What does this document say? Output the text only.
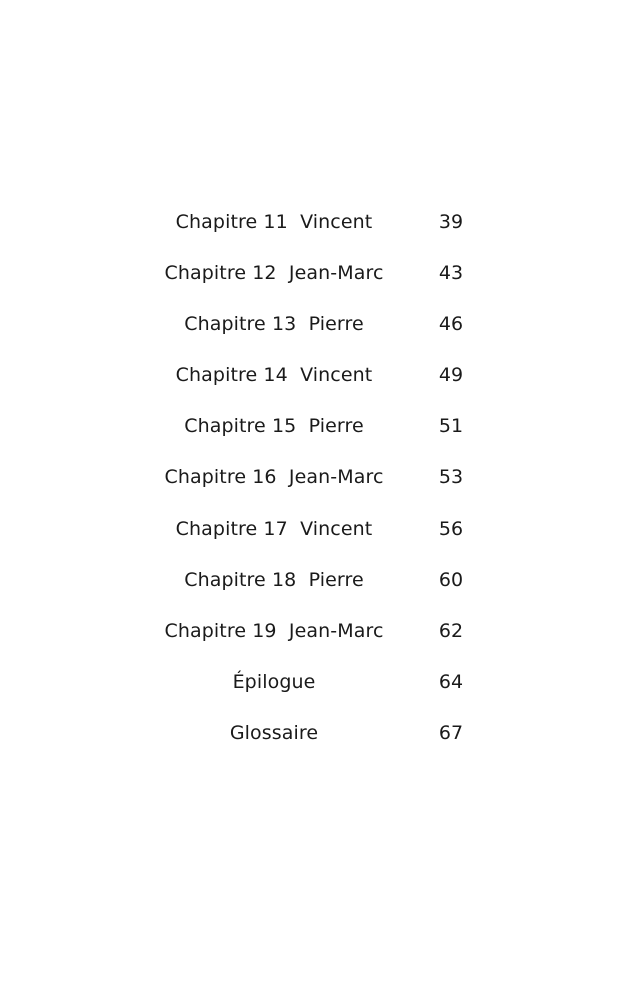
Chapitre 11  Vincent	39
Chapitre 12  Jean-Marc	43
Chapitre 13  Pierre	46
Chapitre 14  Vincent	49
Chapitre 15  Pierre	51
Chapitre 16  Jean-Marc	53
Chapitre 17  Vincent	56
Chapitre 18  Pierre	60
Chapitre 19  Jean-Marc	62
Épilogue	64
Glossaire	67
